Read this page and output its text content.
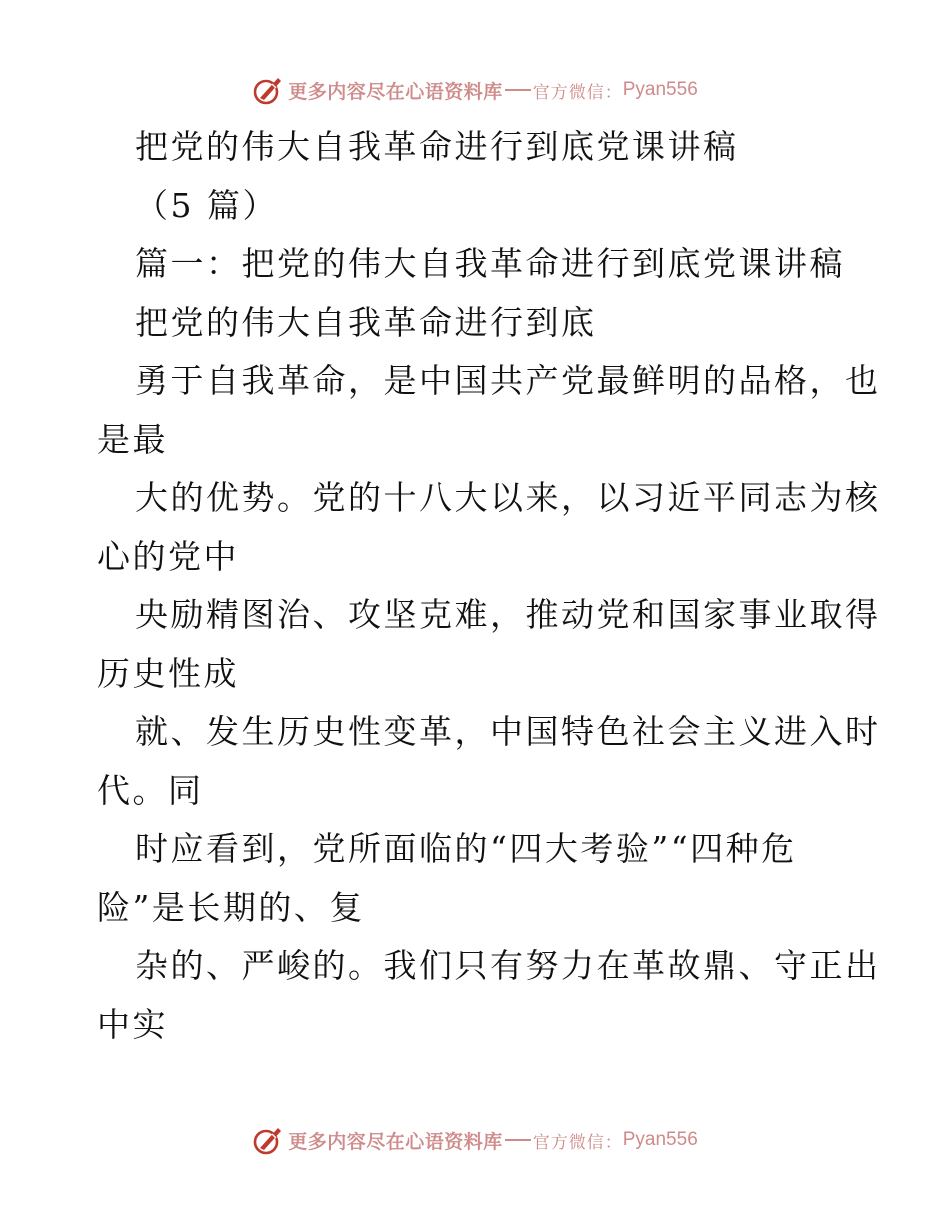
更多内容尽在心语资料库 官方微信： Pyan556
把党的伟大自我革命进行到底党课讲稿
（5 篇）
篇一：把党的伟大自我革命进行到底党课讲稿
把党的伟大自我革命进行到底
勇于自我革命，是中国共产党最鲜明的品格，也
是最
大的优势。党的十八大以来，以习近平同志为核
心的党中
央励精图治、攻坚克难，推动党和国家事业取得
历史性成
就、发生历史性变革，中国特色社会主义进入时
代。同
时应看到，党所面临的“四大考验”“四种危
险”是长期的、复
杂的、严峻的。我们只有努力在革故鼎、守正出
中实
更多内容尽在心语资料库 官方微信： Pyan556
